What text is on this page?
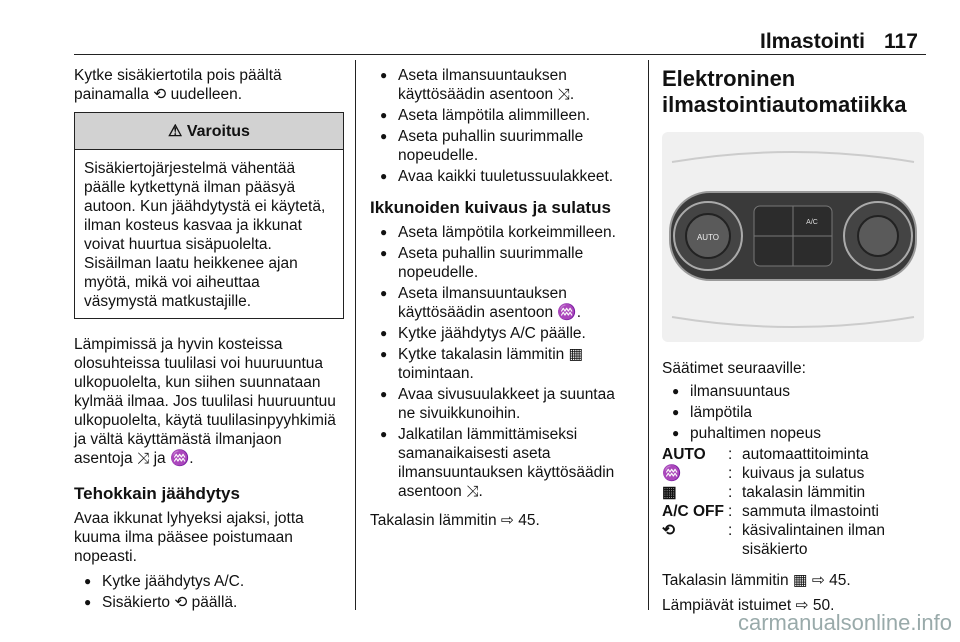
Ilmastointi 117

Kytke sisäkiertotila pois päältä painamalla ⟲ uudelleen.

⚠ Varoitus
Sisäkiertojärjestelmä vähentää päälle kytkettynä ilman pääsyä autoon. Kun jäähdytystä ei käytetä, ilman kosteus kasvaa ja ikkunat voivat huurtua sisäpuolelta. Sisäilman laatu heikkenee ajan myötä, mikä voi aiheuttaa väsymystä matkustajille.

Lämpimissä ja hyvin kosteissa olosuhteissa tuulilasi voi huuruuntua ulkopuolelta, kun siihen suunnataan kylmää ilmaa. Jos tuulilasi huuruuntuu ulkopuolelta, käytä tuulilasinpyyhkimiä ja vältä käyttämästä ilmanjaon asentoja ⤨ ja ♒.

Tehokkain jäähdytys

Avaa ikkunat lyhyeksi ajaksi, jotta kuuma ilma pääsee poistumaan nopeasti.

● Kytke jäähdytys A/C.
● Sisäkierto ⟲ päällä.
● Aseta ilmansuuntauksen käyttösäädin asentoon ⤨.
● Aseta lämpötila alimmilleen.
● Aseta puhallin suurimmalle nopeudelle.
● Avaa kaikki tuuletussuulakkeet.
Ikkunoiden kuivaus ja sulatus
● Aseta lämpötila korkeimmilleen.
● Aseta puhallin suurimmalle nopeudelle.
● Aseta ilmansuuntauksen käyttösäädin asentoon ♒.
● Kytke jäähdytys A/C päälle.
● Kytke takalasin lämmitin ▦ toimintaan.
● Avaa sivusuulakkeet ja suuntaa ne sivuikkunoihin.
● Jalkatilan lämmittämiseksi samanaikaisesti aseta ilmansuuntauksen käyttösäädin asentoon ⤨.

Takalasin lämmitin ⇨ 45.

Elektroninen ilmastointiautomatiikka
AUTO
A/C

Säätimet seuraaville:

● ilmansuuntaus
● lämpötila
● puhaltimen nopeus
AUTO	: automaattitoiminta
♒	: kuivaus ja sulatus
▦	: takalasin lämmitin
A/C OFF : sammuta ilmastointi
⟲	: käsivalintainen ilman sisäkierto

Takalasin lämmitin ▦ ⇨ 45.

Lämpiävät istuimet ⇨ 50.

carmanualsonline.info
